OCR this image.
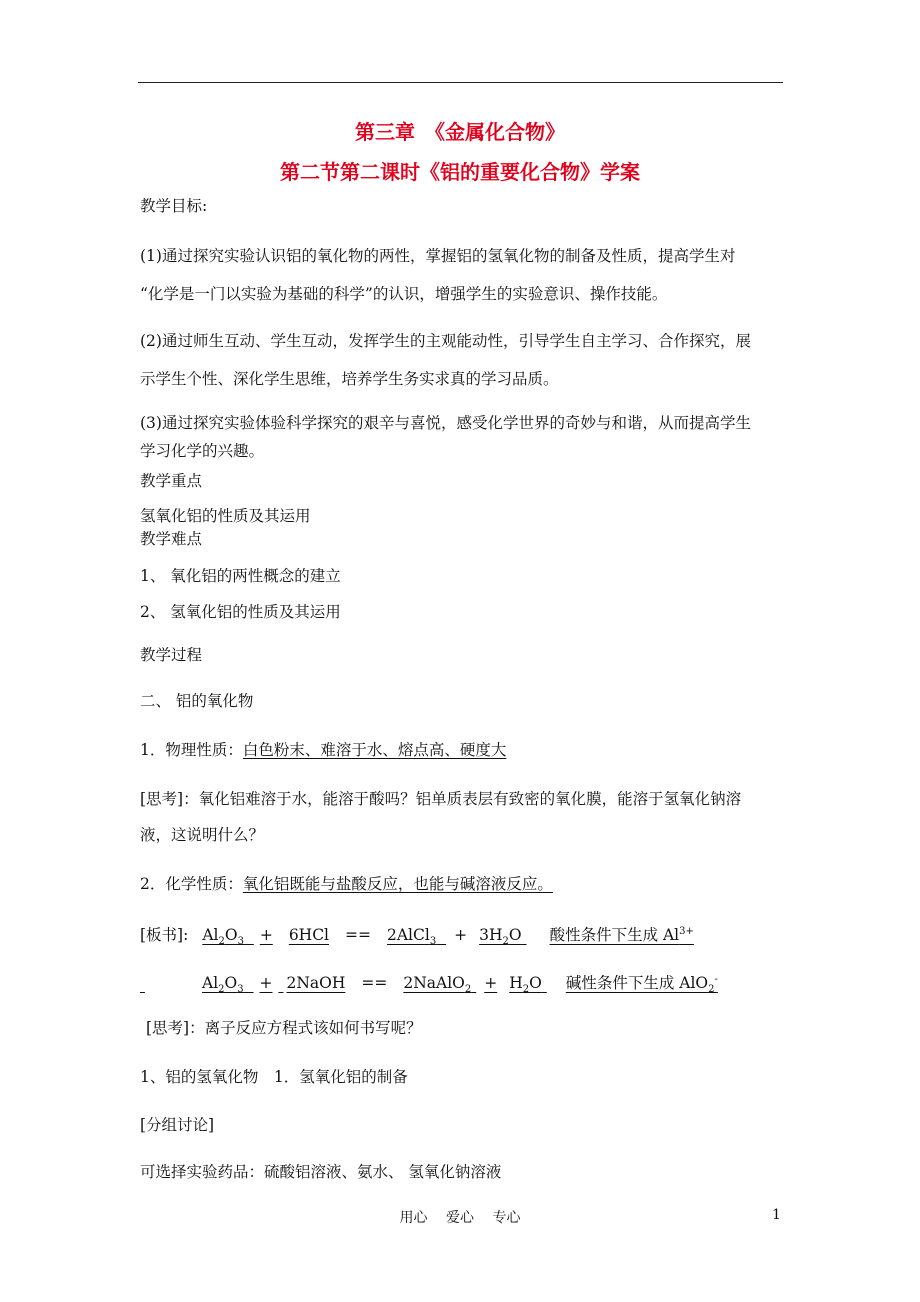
第三章　《金属化合物》
第二节第二课时《铝的重要化合物》学案
教学目标:
(1)通过探究实验认识铝的氧化物的两性，掌握铝的氢氧化物的制备及性质，提高学生对
“化学是一门以实验为基础的科学”的认识，增强学生的实验意识、操作技能。
(2)通过师生互动、学生互动，发挥学生的主观能动性，引导学生自主学习、合作探究，展
示学生个性、深化学生思维，培养学生务实求真的学习品质。
(3)通过探究实验体验科学探究的艰辛与喜悦，感受化学世界的奇妙与和谐，从而提高学生
学习化学的兴趣。
教学重点
氢氧化铝的性质及其运用
教学难点
1、 氧化铝的两性概念的建立
2、 氢氧化铝的性质及其运用
教学过程
二、 铝的氧化物
1．物理性质：白色粉末、难溶于水、熔点高、硬度大
[思考]：氧化铝难溶于水，能溶于酸吗？铝单质表层有致密的氧化膜，能溶于氢氧化钠溶
液，这说明什么？
2．化学性质：氧化铝既能与盐酸反应，也能与碱溶液反应。
[板书]: $Al_2O_3 + 6HCl$ == 2AlCl$_3$ + $3H_2O$ 酸性条件下生成 $Al^{3+}$
$Al_2O_3$ + 2NaOH == 2NaAlO$_2$ + $H_2O$ 碱性条件下生成 AlO$_2$-
[思考]：离子反应方程式该如何书写呢？
1、铝的氢氧化物　1．氢氧化铝的制备
[分组讨论]
可选择实验药品：硫酸铝溶液、氨水、 氢氧化钠溶液
用心　 爱心　 专心	1
